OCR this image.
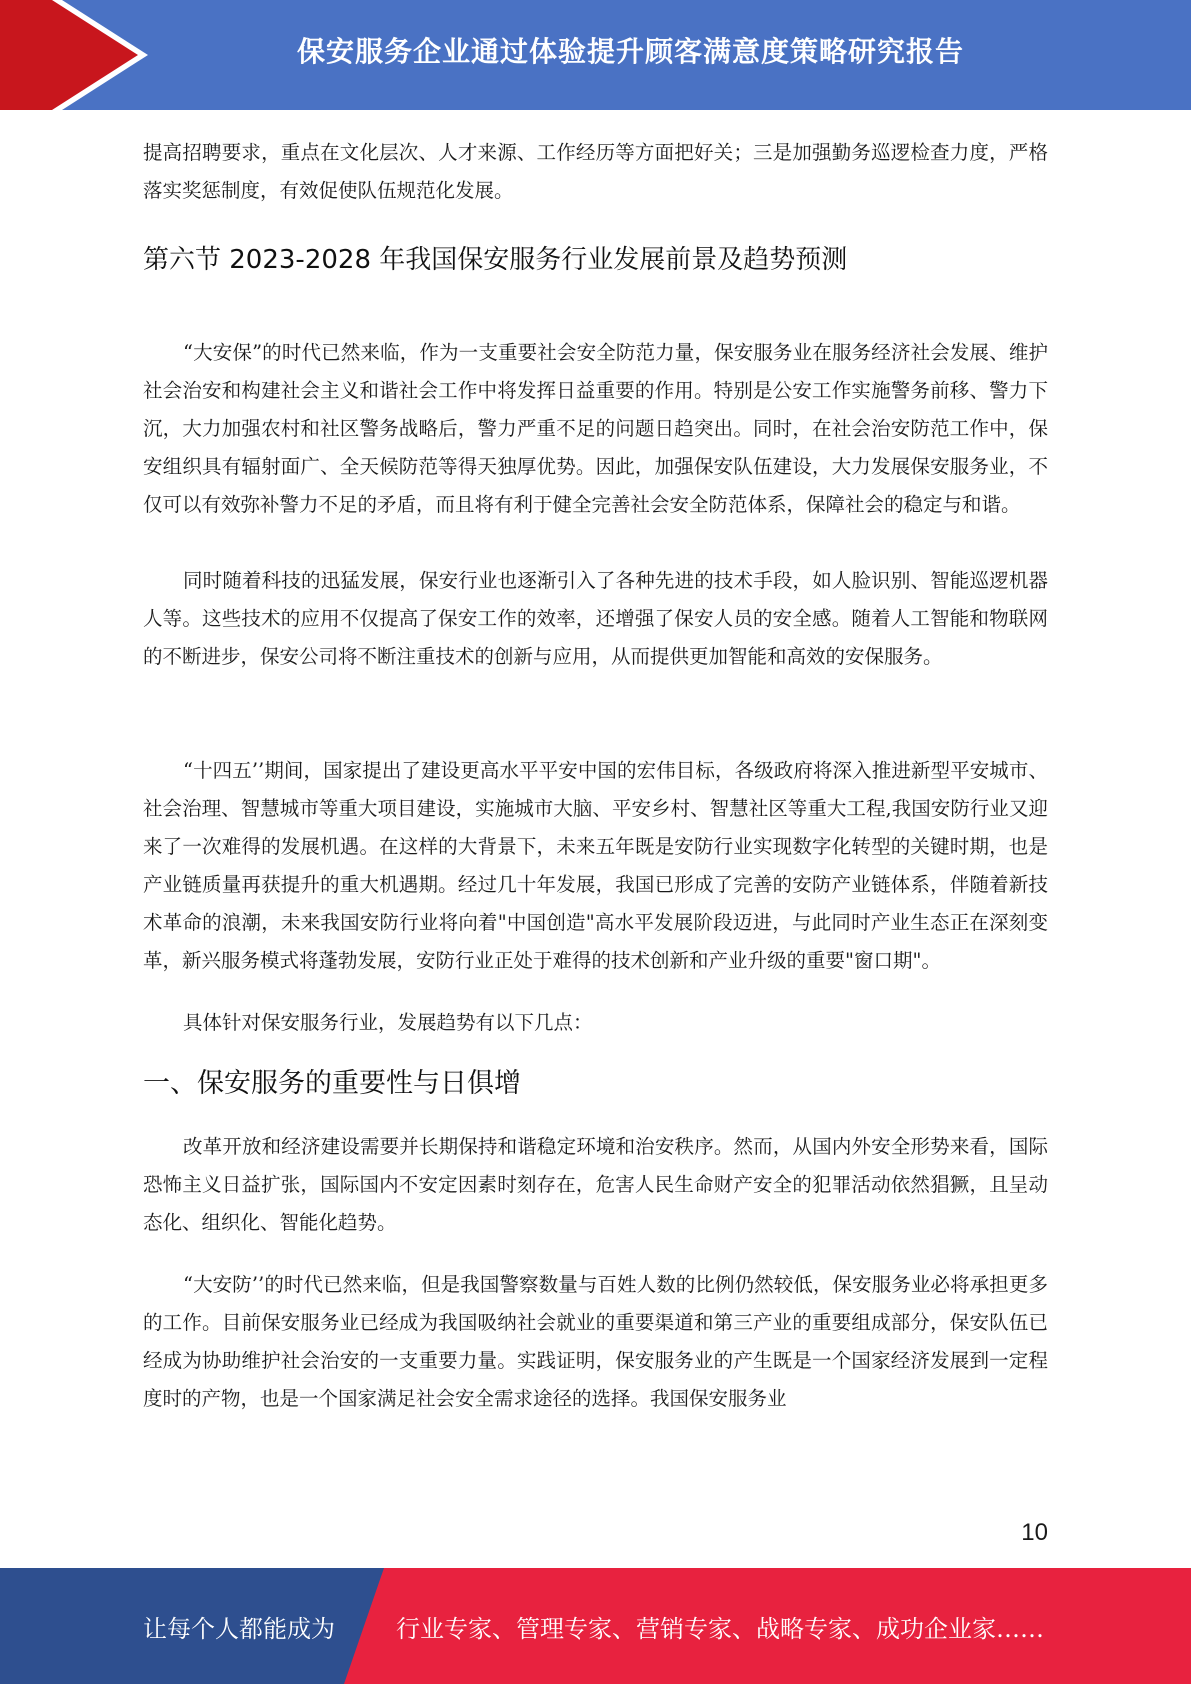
保安服务企业通过体验提升顾客满意度策略研究报告

提高招聘要求，重点在文化层次、人才来源、工作经历等方面把好关；三是加强勤务巡逻检查力度，严格落实奖惩制度，有效促使队伍规范化发展。

第六节 2023-2028 年我国保安服务行业发展前景及趋势预测

“大安保”的时代已然来临，作为一支重要社会安全防范力量，保安服务业在服务经济社会发展、维护社会治安和构建社会主义和谐社会工作中将发挥日益重要的作用。特别是公安工作实施警务前移、警力下沉，大力加强农村和社区警务战略后，警力严重不足的问题日趋突出。同时，在社会治安防范工作中，保安组织具有辐射面广、全天候防范等得天独厚优势。因此，加强保安队伍建设，大力发展保安服务业，不仅可以有效弥补警力不足的矛盾，而且将有利于健全完善社会安全防范体系，保障社会的稳定与和谐。

同时随着科技的迅猛发展，保安行业也逐渐引入了各种先进的技术手段，如人脸识别、智能巡逻机器人等。这些技术的应用不仅提高了保安工作的效率，还增强了保安人员的安全感。随着人工智能和物联网的不断进步，保安公司将不断注重技术的创新与应用，从而提供更加智能和高效的安保服务。

“十四五’’期间，国家提出了建设更高水平平安中国的宏伟目标，各级政府将深入推进新型平安城市、社会治理、智慧城市等重大项目建设，实施城市大脑、平安乡村、智慧社区等重大工程,我国安防行业又迎来了一次难得的发展机遇。在这样的大背景下，未来五年既是安防行业实现数字化转型的关键时期，也是产业链质量再获提升的重大机遇期。经过几十年发展，我国已形成了完善的安防产业链体系，伴随着新技术革命的浪潮，未来我国安防行业将向着"中国创造"高水平发展阶段迈进，与此同时产业生态正在深刻变革，新兴服务模式将蓬勃发展，安防行业正处于难得的技术创新和产业升级的重要"窗口期"。

具体针对保安服务行业，发展趋势有以下几点：

一、保安服务的重要性与日俱增

改革开放和经济建设需要并长期保持和谐稳定环境和治安秩序。然而，从国内外安全形势来看，国际恐怖主义日益扩张，国际国内不安定因素时刻存在，危害人民生命财产安全的犯罪活动依然猖獗，且呈动态化、组织化、智能化趋势。

“大安防’’的时代已然来临，但是我国警察数量与百姓人数的比例仍然较低，保安服务业必将承担更多的工作。目前保安服务业已经成为我国吸纳社会就业的重要渠道和第三产业的重要组成部分，保安队伍已经成为协助维护社会治安的一支重要力量。实践证明，保安服务业的产生既是一个国家经济发展到一定程度时的产物，也是一个国家满足社会安全需求途径的选择。我国保安服务业

10
让每个人都能成为	行业专家、管理专家、营销专家、战略专家、成功企业家……
